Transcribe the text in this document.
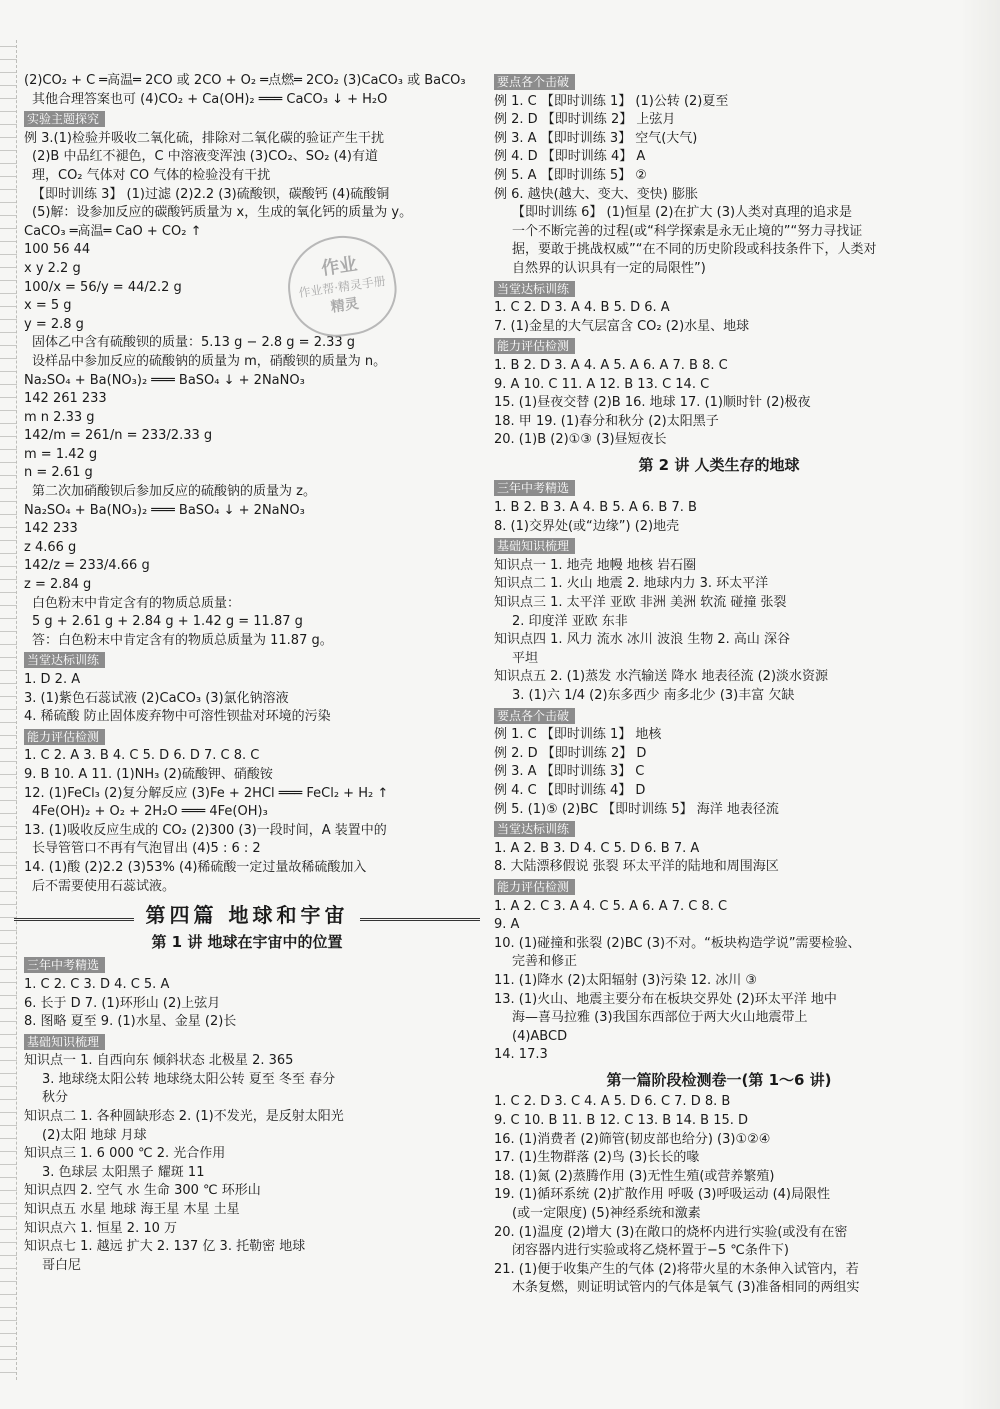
(2)CO₂ + C ═高温═ 2CO 或 2CO + O₂ ═点燃═ 2CO₂ (3)CaCO₃ 或 BaCO₃

其他合理答案也可 (4)CO₂ + Ca(OH)₂ ═══ CaCO₃ ↓ + H₂O

实验主题探究

例 3.(1)检验并吸收二氧化硫，排除对二氧化碳的验证产生干扰

(2)B 中品红不褪色，C 中溶液变浑浊 (3)CO₂、SO₂ (4)有道

理，CO₂ 气体对 CO 气体的检验没有干扰

【即时训练 3】 (1)过滤 (2)2.2 (3)硫酸钡，碳酸钙 (4)硫酸铜

(5)解：设参加反应的碳酸钙质量为 x，生成的氧化钙的质量为 y。

CaCO₃ ═高温═ CaO + CO₂ ↑

100 56 44

x y 2.2 g

100/x = 56/y = 44/2.2 g

x = 5 g

y = 2.8 g

固体乙中含有硫酸钡的质量：5.13 g − 2.8 g = 2.33 g

设样品中参加反应的硫酸钠的质量为 m，硝酸钡的质量为 n。

Na₂SO₄ + Ba(NO₃)₂ ═══ BaSO₄ ↓ + 2NaNO₃

142 261 233

m n 2.33 g

142/m = 261/n = 233/2.33 g

m = 1.42 g

n = 2.61 g

第二次加硝酸钡后参加反应的硫酸钠的质量为 z。

Na₂SO₄ + Ba(NO₃)₂ ═══ BaSO₄ ↓ + 2NaNO₃

142 233

z 4.66 g

142/z = 233/4.66 g

z = 2.84 g

白色粉末中肯定含有的物质总质量：

5 g + 2.61 g + 2.84 g + 1.42 g = 11.87 g

答：白色粉末中肯定含有的物质总质量为 11.87 g。

当堂达标训练

1. D 2. A

3. (1)紫色石蕊试液 (2)CaCO₃ (3)氯化钠溶液

4. 稀硫酸 防止固体废弃物中可溶性钡盐对环境的污染

能力评估检测

1. C 2. A 3. B 4. C 5. D 6. D 7. C 8. C

9. B 10. A 11. (1)NH₃ (2)硫酸钾、硝酸铵

12. (1)FeCl₃ (2)复分解反应 (3)Fe + 2HCl ═══ FeCl₂ + H₂ ↑

4Fe(OH)₂ + O₂ + 2H₂O ═══ 4Fe(OH)₃

13. (1)吸收反应生成的 CO₂ (2)300 (3)一段时间，A 装置中的

长导管管口不再有气泡冒出 (4)5 : 6 : 2

14. (1)酸 (2)2.2 (3)53% (4)稀硫酸一定过量故稀硫酸加入

后不需要使用石蕊试液。

第四篇 地球和宇宙
第 1 讲 地球在宇宙中的位置
三年中考精选

1. C 2. C 3. D 4. C 5. A

6. 长于 D 7. (1)环形山 (2)上弦月

8. 图略 夏至 9. (1)水星、金星 (2)长

基础知识梳理

知识点一 1. 自西向东 倾斜状态 北极星 2. 365

3. 地球绕太阳公转 地球绕太阳公转 夏至 冬至 春分

秋分

知识点二 1. 各种圆缺形态 2. (1)不发光，是反射太阳光

(2)太阳 地球 月球

知识点三 1. 6 000 ℃ 2. 光合作用

3. 色球层 太阳黑子 耀斑 11

知识点四 2. 空气 水 生命 300 ℃ 环形山

知识点五 水星 地球 海王星 木星 土星

知识点六 1. 恒星 2. 10 万

知识点七 1. 越远 扩大 2. 137 亿 3. 托勒密 地球

哥白尼

要点各个击破

例 1. C 【即时训练 1】 (1)公转 (2)夏至

例 2. D 【即时训练 2】 上弦月

例 3. A 【即时训练 3】 空气(大气)

例 4. D 【即时训练 4】 A

例 5. A 【即时训练 5】 ②

例 6. 越快(越大、变大、变快) 膨胀

【即时训练 6】 (1)恒星 (2)在扩大 (3)人类对真理的追求是

一个不断完善的过程(或“科学探索是永无止境的”“努力寻找证

据，要敢于挑战权威”“在不同的历史阶段或科技条件下，人类对

自然界的认识具有一定的局限性”)

当堂达标训练

1. C 2. D 3. A 4. B 5. D 6. A

7. (1)金星的大气层富含 CO₂ (2)水星、地球

能力评估检测

1. B 2. D 3. A 4. A 5. A 6. A 7. B 8. C

9. A 10. C 11. A 12. B 13. C 14. C

15. (1)昼夜交替 (2)B 16. 地球 17. (1)顺时针 (2)极夜

18. 甲 19. (1)春分和秋分 (2)太阳黑子

20. (1)B (2)①③ (3)昼短夜长

第 2 讲 人类生存的地球
三年中考精选

1. B 2. B 3. A 4. B 5. A 6. B 7. B

8. (1)交界处(或“边缘”) (2)地壳

基础知识梳理

知识点一 1. 地壳 地幔 地核 岩石圈

知识点二 1. 火山 地震 2. 地球内力 3. 环太平洋

知识点三 1. 太平洋 亚欧 非洲 美洲 软流 碰撞 张裂

2. 印度洋 亚欧 东非

知识点四 1. 风力 流水 冰川 波浪 生物 2. 高山 深谷

平坦

知识点五 2. (1)蒸发 水汽输送 降水 地表径流 (2)淡水资源

3. (1)六 1/4 (2)东多西少 南多北少 (3)丰富 欠缺

要点各个击破

例 1. C 【即时训练 1】 地核

例 2. D 【即时训练 2】 D

例 3. A 【即时训练 3】 C

例 4. C 【即时训练 4】 D

例 5. (1)⑤ (2)BC 【即时训练 5】 海洋 地表径流

当堂达标训练

1. A 2. B 3. D 4. C 5. D 6. B 7. A

8. 大陆漂移假说 张裂 环太平洋的陆地和周围海区

能力评估检测

1. A 2. C 3. A 4. C 5. A 6. A 7. C 8. C

9. A

10. (1)碰撞和张裂 (2)BC (3)不对。“板块构造学说”需要检验、

完善和修正

11. (1)降水 (2)太阳辐射 (3)污染 12. 冰川 ③

13. (1)火山、地震主要分布在板块交界处 (2)环太平洋 地中

海—喜马拉雅 (3)我国东西部位于两大火山地震带上

(4)ABCD

14. 17.3

第一篇阶段检测卷一(第 1～6 讲)

1. C 2. D 3. C 4. A 5. D 6. C 7. D 8. B

9. C 10. B 11. B 12. C 13. B 14. B 15. D

16. (1)消费者 (2)筛管(韧皮部也给分) (3)①②④

17. (1)生物群落 (2)鸟 (3)长长的喙

18. (1)氮 (2)蒸腾作用 (3)无性生殖(或营养繁殖)

19. (1)循环系统 (2)扩散作用 呼吸 (3)呼吸运动 (4)局限性

(或一定限度) (5)神经系统和激素

20. (1)温度 (2)增大 (3)在敞口的烧杯内进行实验(或没有在密

闭容器内进行实验或将乙烧杯置于−5 ℃条件下)

21. (1)便于收集产生的气体 (2)将带火星的木条伸入试管内，若

木条复燃，则证明试管内的气体是氧气 (3)准备相同的两组实

作业
作业帮·精灵手册
精灵
